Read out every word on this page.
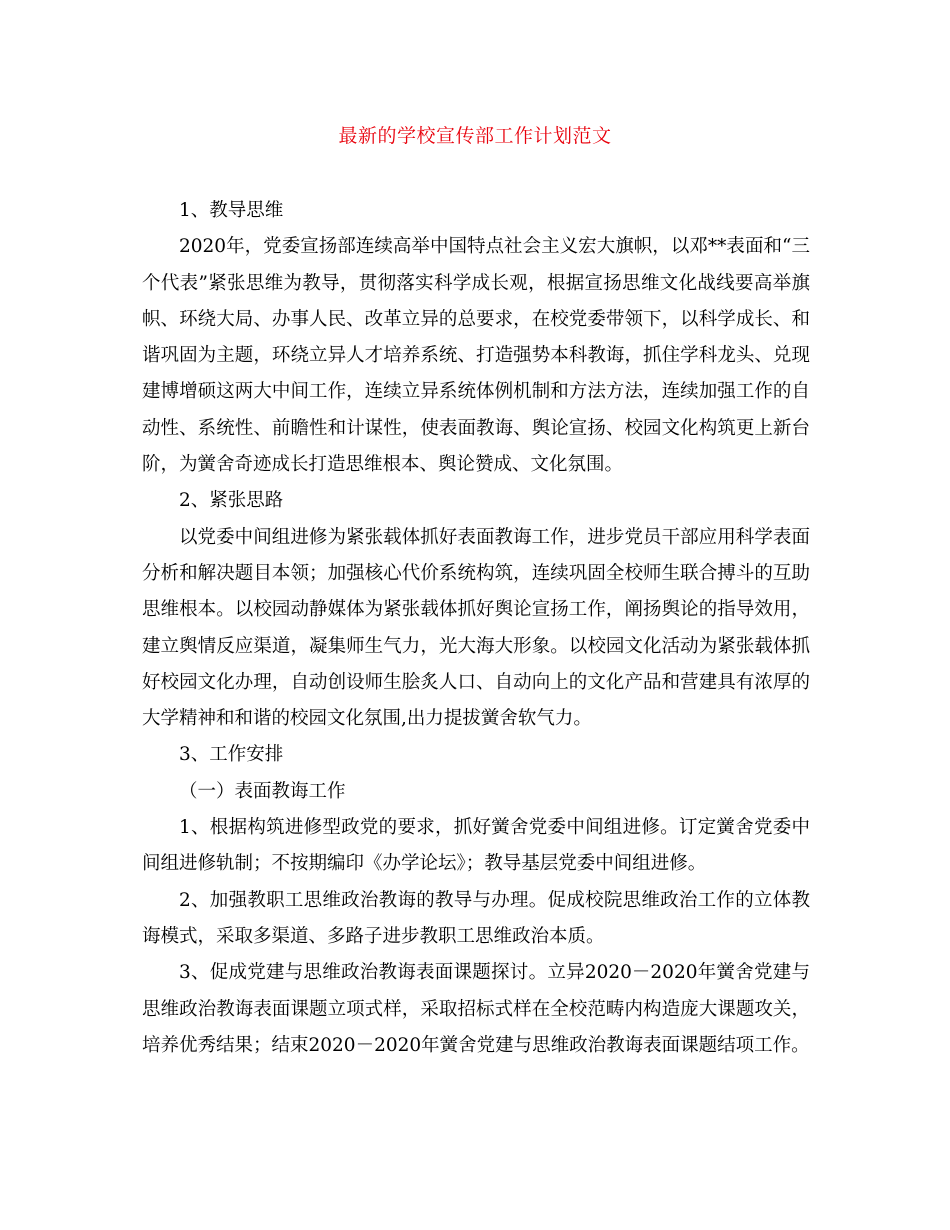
最新的学校宣传部工作计划范文

1、教导思维

2020年，党委宣扬部连续高举中国特点社会主义宏大旗帜，以邓**表面和“三个代表”紧张思维为教导，贯彻落实科学成长观，根据宣扬思维文化战线要高举旗帜、环绕大局、办事人民、改革立异的总要求，在校党委带领下，以科学成长、和谐巩固为主题，环绕立异人才培养系统、打造强势本科教诲，抓住学科龙头、兑现建博增硕这两大中间工作，连续立异系统体例机制和方法方法，连续加强工作的自动性、系统性、前瞻性和计谋性，使表面教诲、舆论宣扬、校园文化构筑更上新台阶，为黉舍奇迹成长打造思维根本、舆论赞成、文化氛围。

2、紧张思路

以党委中间组进修为紧张载体抓好表面教诲工作，进步党员干部应用科学表面分析和解决题目本领；加强核心代价系统构筑，连续巩固全校师生联合搏斗的互助思维根本。以校园动静媒体为紧张载体抓好舆论宣扬工作，阐扬舆论的指导效用，建立舆情反应渠道，凝集师生气力，光大海大形象。以校园文化活动为紧张载体抓好校园文化办理，自动创设师生脍炙人口、自动向上的文化产品和营建具有浓厚的大学精神和和谐的校园文化氛围,出力提拔黉舍软气力。

3、工作安排

（一）表面教诲工作

1、根据构筑进修型政党的要求，抓好黉舍党委中间组进修。订定黉舍党委中间组进修轨制；不按期编印《办学论坛》；教导基层党委中间组进修。

2、加强教职工思维政治教诲的教导与办理。促成校院思维政治工作的立体教诲模式，采取多渠道、多路子进步教职工思维政治本质。

3、促成党建与思维政治教诲表面课题探讨。立异2020－2020年黉舍党建与思维政治教诲表面课题立项式样，采取招标式样在全校范畴内构造庞大课题攻关，培养优秀结果；结束2020－2020年黉舍党建与思维政治教诲表面课题结项工作。
